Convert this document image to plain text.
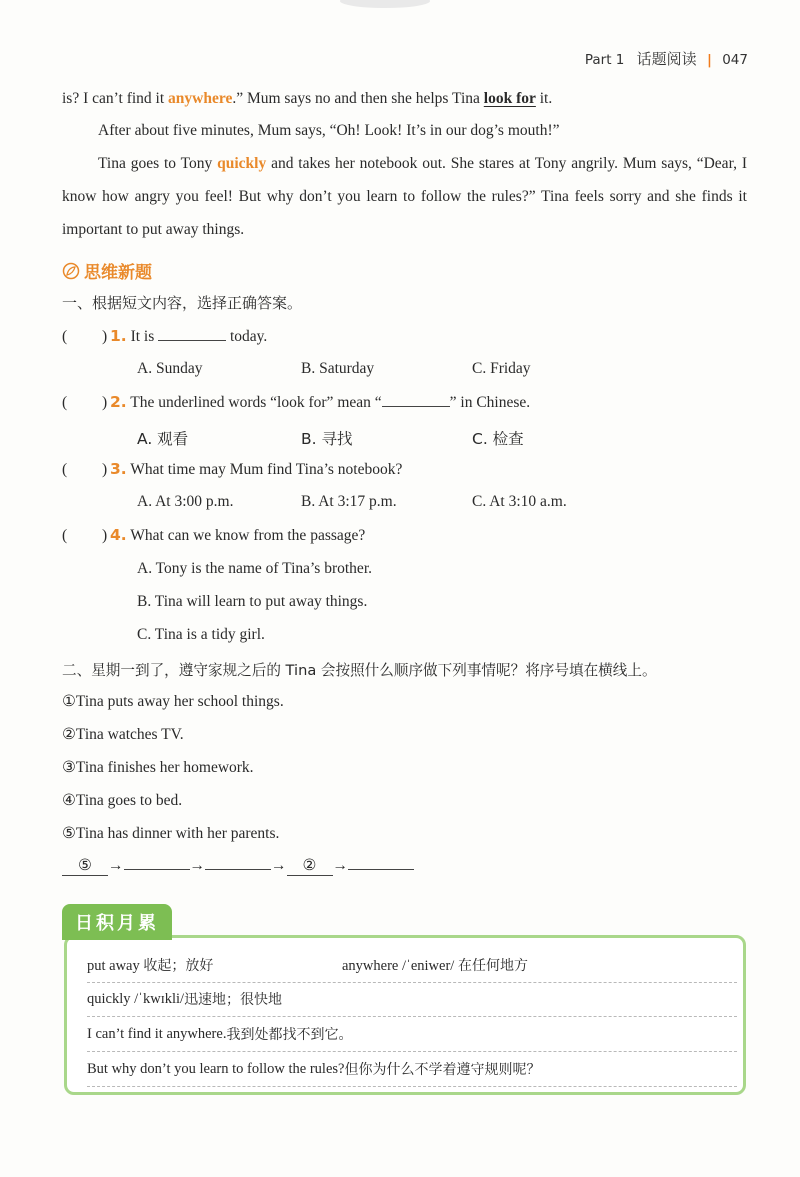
Part 1 话题阅读 | 047

is? I can’t find it anywhere.” Mum says no and then she helps Tina look for it.

After about five minutes, Mum says, “Oh! Look! It’s in our dog’s mouth!”

Tina goes to Tony quickly and takes her notebook out. She stares at Tony angrily. Mum says, “Dear, I know how angry you feel! But why don’t you learn to follow the rules?” Tina feels sorry and she finds it important to put away things.

思维新题
一、根据短文内容，选择正确答案。
(         ) 1. It is	today.
A. Sunday	B. Saturday	C. Friday
(         ) 2. The underlined words “look for” mean “	” in Chinese.
A. 观看	B. 寻找	C. 检查
(         ) 3. What time may Mum find Tina’s notebook?
A. At 3:00 p.m.	B. At 3:17 p.m.	C. At 3:10 a.m.
(         ) 4. What can we know from the passage?
A. Tony is the name of Tina’s brother.
B. Tina will learn to put away things.
C. Tina is a tidy girl.
二、星期一到了，遵守家规之后的 Tina 会按照什么顺序做下列事情呢？将序号填在横线上。
①Tina puts away her school things.
②Tina watches TV.
③Tina finishes her homework.
④Tina goes to bed.
⑤Tina has dinner with her parents.
⑤ →	→	→ ② →
put away 收起；放好	anywhere /ˈeniwer/ 在任何地方
quickly /ˈkwɪkli/ 迅速地；很快地
I can’t find it anywhere. 我到处都找不到它。
But why don’t you learn to follow the rules? 但你为什么不学着遵守规则呢？
日积月累
